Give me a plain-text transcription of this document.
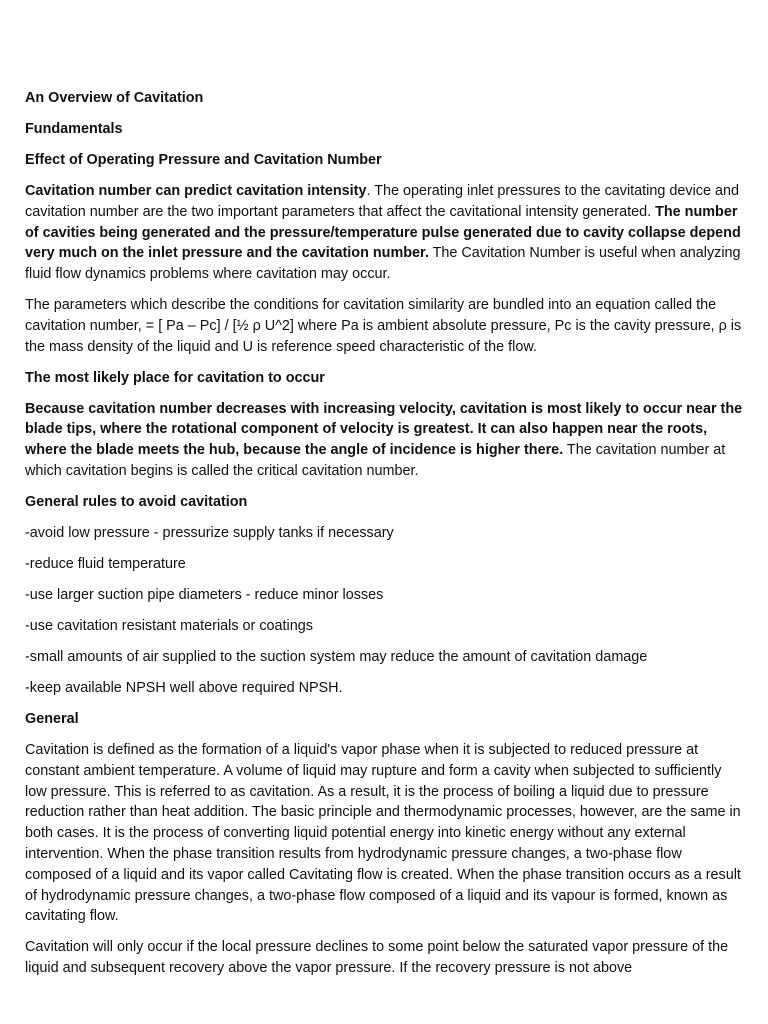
An Overview of Cavitation
Fundamentals
Effect of Operating Pressure and Cavitation Number
Cavitation number can predict cavitation intensity. The operating inlet pressures to the cavitating device and cavitation number are the two important parameters that affect the cavitational intensity generated. The number of cavities being generated and the pressure/temperature pulse generated due to cavity collapse depend very much on the inlet pressure and the cavitation number. The Cavitation Number is useful when analyzing fluid flow dynamics problems where cavitation may occur.
The parameters which describe the conditions for cavitation similarity are bundled into an equation called the cavitation number, = [ Pa – Pc] / [½ ρ U^2] where Pa is ambient absolute pressure, Pc is the cavity pressure, ρ is the mass density of the liquid and U is reference speed characteristic of the flow.
The most likely place for cavitation to occur
Because cavitation number decreases with increasing velocity, cavitation is most likely to occur near the blade tips, where the rotational component of velocity is greatest. It can also happen near the roots, where the blade meets the hub, because the angle of incidence is higher there. The cavitation number at which cavitation begins is called the critical cavitation number.
General rules to avoid cavitation
-avoid low pressure - pressurize supply tanks if necessary
-reduce fluid temperature
-use larger suction pipe diameters - reduce minor losses
-use cavitation resistant materials or coatings
-small amounts of air supplied to the suction system may reduce the amount of cavitation damage
-keep available NPSH well above required NPSH.
General
Cavitation is defined as the formation of a liquid's vapor phase when it is subjected to reduced pressure at constant ambient temperature. A volume of liquid may rupture and form a cavity when subjected to sufficiently low pressure. This is referred to as cavitation. As a result, it is the process of boiling a liquid due to pressure reduction rather than heat addition. The basic principle and thermodynamic processes, however, are the same in both cases. It is the process of converting liquid potential energy into kinetic energy without any external intervention. When the phase transition results from hydrodynamic pressure changes, a two-phase flow composed of a liquid and its vapor called Cavitating flow is created. When the phase transition occurs as a result of hydrodynamic pressure changes, a two-phase flow composed of a liquid and its vapour is formed, known as cavitating flow.
Cavitation will only occur if the local pressure declines to some point below the saturated vapor pressure of the liquid and subsequent recovery above the vapor pressure. If the recovery pressure is not above
